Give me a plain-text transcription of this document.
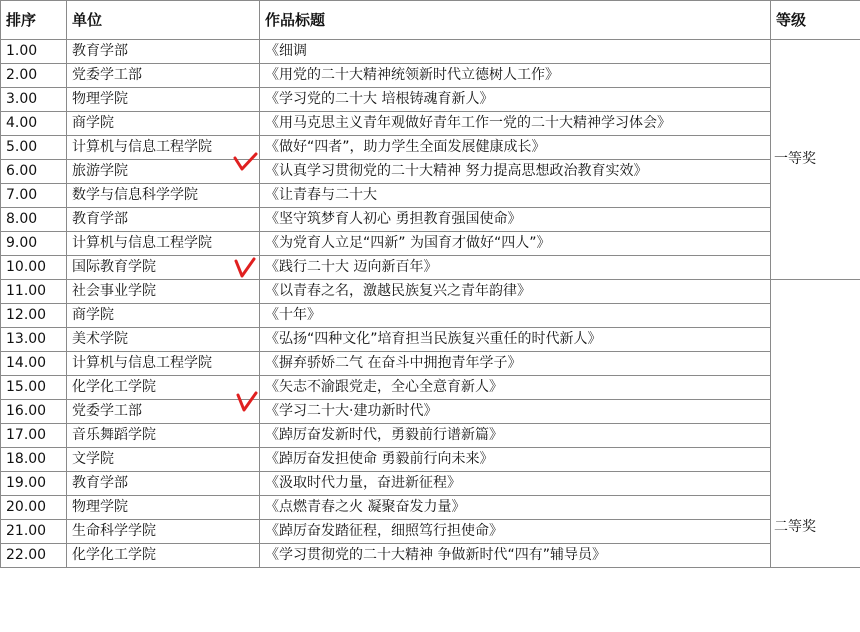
排序	单位	作品标题	等级
1.00	教育学部	《细调	一等奖
2.00	党委学工部	《用党的二十大精神统领新时代立德树人工作》	
3.00	物理学院	《学习党的二十大 培根铸魂育新人》	
4.00	商学院	《用马克思主义青年观做好青年工作一党的二十大精神学习体会》	
5.00	计算机与信息工程学院	《做好“四者”，助力学生全面发展健康成长》	
6.00	旅游学院	《认真学习贯彻党的二十大精神 努力提高思想政治教育实效》	
7.00	数学与信息科学学院	《让青春与二十大	
8.00	教育学部	《坚守筑梦育人初心 勇担教育强国使命》	
9.00	计算机与信息工程学院	《为党育人立足“四新” 为国育才做好“四人”》	
10.00	国际教育学院	《践行二十大 迈向新百年》	
11.00	社会事业学院	《以青春之名，激越民族复兴之青年韵律》	二等奖
12.00	商学院	《十年》	
13.00	美术学院	《弘扬“四种文化”培育担当民族复兴重任的时代新人》	
14.00	计算机与信息工程学院	《摒弃骄娇二气 在奋斗中拥抱青年学子》	
15.00	化学化工学院	《矢志不渝跟党走，全心全意育新人》	
16.00	党委学工部	《学习二十大·建功新时代》	
17.00	音乐舞蹈学院	《踔厉奋发新时代，勇毅前行谱新篇》	
18.00	文学院	《踔厉奋发担使命 勇毅前行向未来》	
19.00	教育学部	《汲取时代力量，奋进新征程》	
20.00	物理学院	《点燃青春之火 凝聚奋发力量》	
21.00	生命科学学院	《踔厉奋发踏征程，细照笃行担使命》	
22.00	化学化工学院	《学习贯彻党的二十大精神 争做新时代“四有”辅导员》	
